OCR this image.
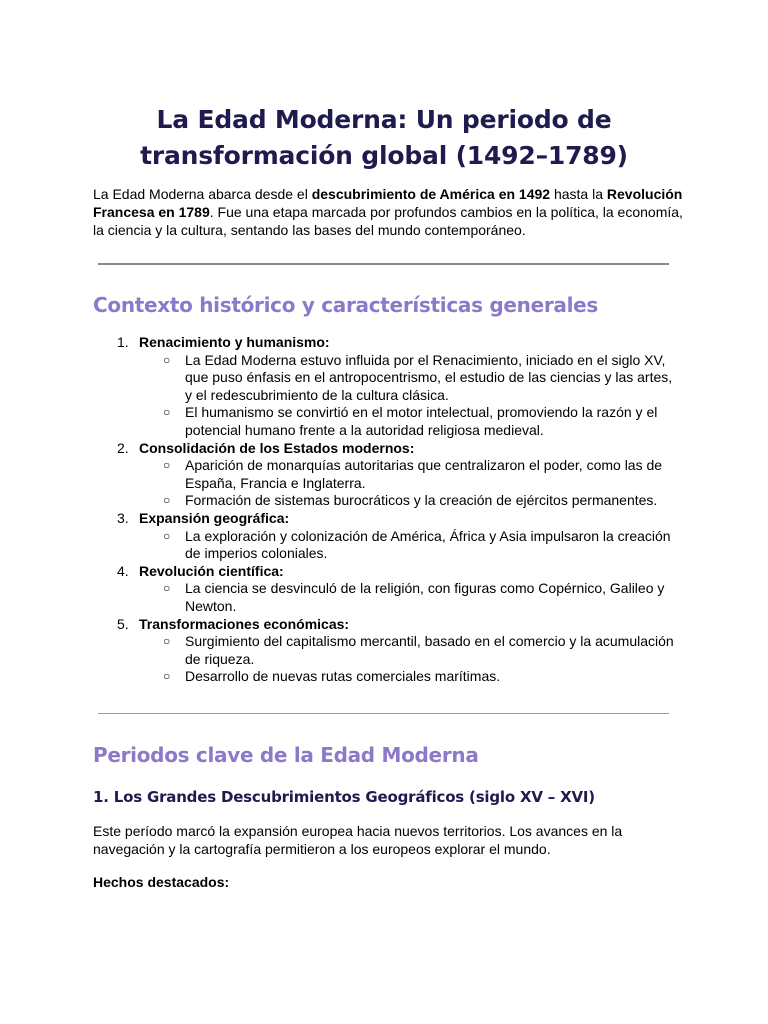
La Edad Moderna: Un periodo de transformación global (1492–1789)

La Edad Moderna abarca desde el descubrimiento de América en 1492 hasta la Revolución Francesa en 1789. Fue una etapa marcada por profundos cambios en la política, la economía, la ciencia y la cultura, sentando las bases del mundo contemporáneo.

Contexto histórico y características generales
1. Renacimiento y humanismo:
○ La Edad Moderna estuvo influida por el Renacimiento, iniciado en el siglo XV, que puso énfasis en el antropocentrismo, el estudio de las ciencias y las artes, y el redescubrimiento de la cultura clásica.
○ El humanismo se convirtió en el motor intelectual, promoviendo la razón y el potencial humano frente a la autoridad religiosa medieval.
2. Consolidación de los Estados modernos:
○ Aparición de monarquías autoritarias que centralizaron el poder, como las de España, Francia e Inglaterra.
○ Formación de sistemas burocráticos y la creación de ejércitos permanentes.
3. Expansión geográfica:
○ La exploración y colonización de América, África y Asia impulsaron la creación de imperios coloniales.
4. Revolución científica:
○ La ciencia se desvinculó de la religión, con figuras como Copérnico, Galileo y Newton.
5. Transformaciones económicas:
○ Surgimiento del capitalismo mercantil, basado en el comercio y la acumulación de riqueza.
○ Desarrollo de nuevas rutas comerciales marítimas.
Periodos clave de la Edad Moderna
1. Los Grandes Descubrimientos Geográficos (siglo XV – XVI)

Este período marcó la expansión europea hacia nuevos territorios. Los avances en la navegación y la cartografía permitieron a los europeos explorar el mundo.

Hechos destacados:
